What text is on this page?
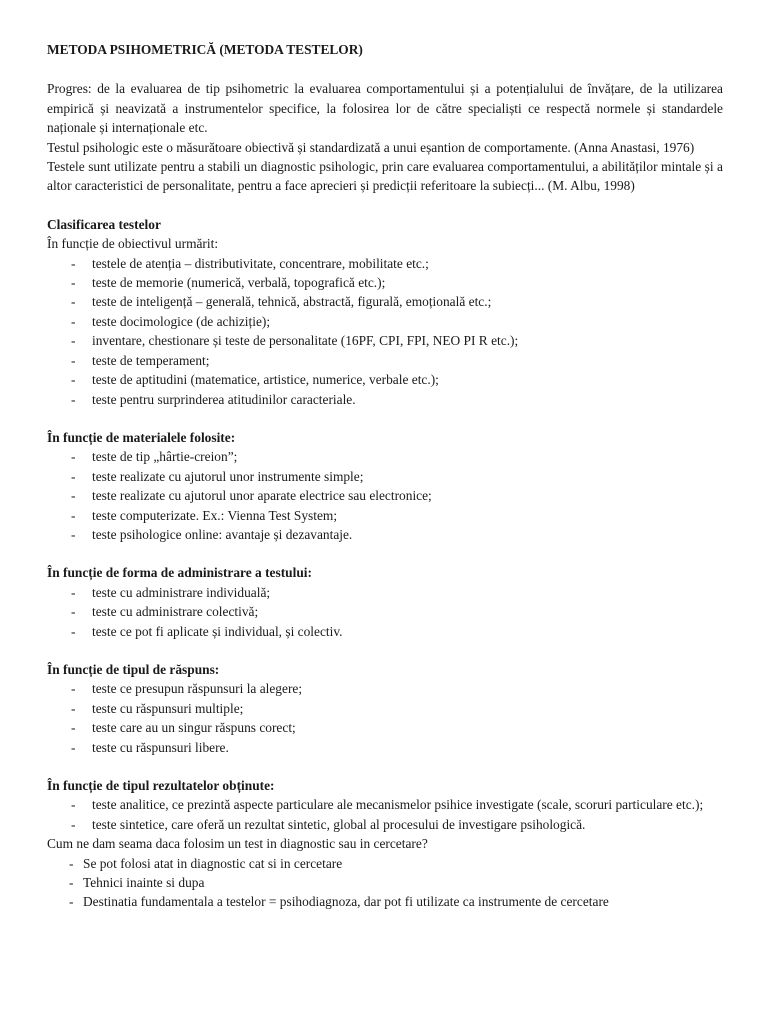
METODA PSIHOMETRICĂ (METODA TESTELOR)

Progres: de la evaluarea de tip psihometric la evaluarea comportamentului și a potențialului de învățare, de la utilizarea empirică și neavizată a instrumentelor specifice, la folosirea lor de către specialiști ce respectă normele și standardele naționale și internaționale etc.

Testul psihologic este o măsurătoare obiectivă și standardizată a unui eșantion de comportamente. (Anna Anastasi, 1976)

Testele sunt utilizate pentru a stabili un diagnostic psihologic, prin care evaluarea comportamentului, a abilităților mintale și a altor caracteristici de personalitate, pentru a face aprecieri și predicții referitoare la subiecți... (M. Albu, 1998)

Clasificarea testelor

În funcție de obiectivul urmărit:

- testele de atenția – distributivitate, concentrare, mobilitate etc.;
- teste de memorie (numerică, verbală, topografică etc.);
- teste de inteligență – generală, tehnică, abstractă, figurală, emoțională etc.;
- teste docimologice (de achiziție);
- inventare, chestionare și teste de personalitate (16PF, CPI, FPI, NEO PI R etc.);
- teste de temperament;
- teste de aptitudini (matematice, artistice, numerice, verbale etc.);
- teste pentru surprinderea atitudinilor caracteriale.

În funcție de materialele folosite:

- teste de tip „hârtie-creion”;
- teste realizate cu ajutorul unor instrumente simple;
- teste realizate cu ajutorul unor aparate electrice sau electronice;
- teste computerizate. Ex.: Vienna Test System;
- teste psihologice online: avantaje și dezavantaje.

În funcție de forma de administrare a testului:

- teste cu administrare individuală;
- teste cu administrare colectivă;
- teste ce pot fi aplicate și individual, și colectiv.

În funcție de tipul de răspuns:

- teste ce presupun răspunsuri la alegere;
- teste cu răspunsuri multiple;
- teste care au un singur răspuns corect;
- teste cu răspunsuri libere.

În funcție de tipul rezultatelor obținute:

- teste analitice, ce prezintă aspecte particulare ale mecanismelor psihice investigate (scale, scoruri particulare etc.);
- teste sintetice, care oferă un rezultat sintetic, global al procesului de investigare psihologică.

Cum ne dam seama daca folosim un test in diagnostic sau in cercetare?

- Se pot folosi atat in diagnostic cat si in cercetare
- Tehnici inainte si dupa
- Destinatia fundamentala a testelor = psihodiagnoza, dar pot fi utilizate ca instrumente de cercetare
